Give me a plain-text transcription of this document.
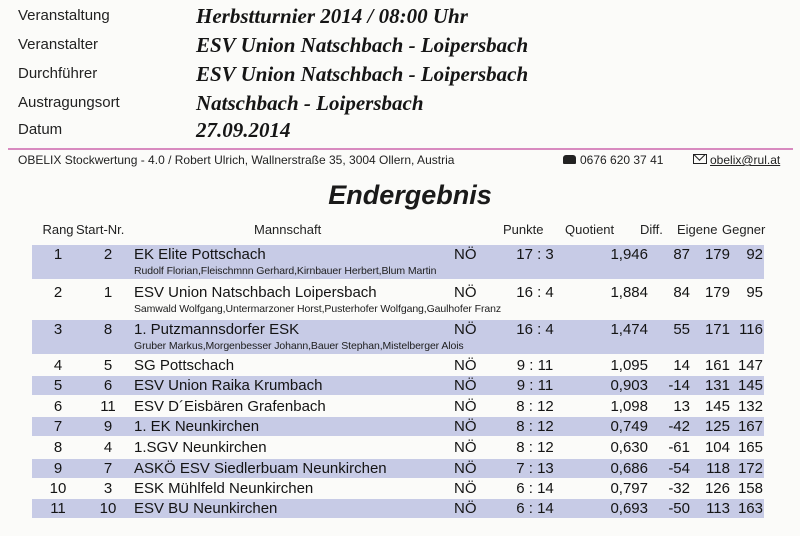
Veranstaltung	Herbstturnier 2014 / 08:00 Uhr
Veranstalter	ESV Union Natschbach - Loipersbach
Durchführer	ESV Union Natschbach - Loipersbach
Austragungsort	Natschbach - Loipersbach
Datum	27.09.2014
OBELIX Stockwertung - 4.0 / Robert Ulrich, Wallnerstraße 35, 3004 Ollern, Austria	0676 620 37 41	obelix@rul.at
Endergebnis
Rang Start-Nr.	Mannschaft	Punkte Quotient Diff. Eigene Gegner
1	2	EK Elite Pottschach	NÖ	17 : 3	1,946	87 179	92
Rudolf Florian,Fleischmnn Gerhard,Kirnbauer Herbert,Blum Martin
2	1	ESV Union Natschbach Loipersbach	NÖ	16 : 4	1,884	84 179	95
Samwald Wolfgang,Untermarzoner Horst,Pusterhofer Wolfgang,Gaulhofer Franz
3	8	1. Putzmannsdorfer ESK	NÖ	16 : 4	1,474	55 171 116
Gruber Markus,Morgenbesser Johann,Bauer Stephan,Mistelberger Alois
4	5	SG Pottschach	NÖ	9 : 11	1,095	14 161 147
5	6	ESV Union Raika Krumbach	NÖ	9 : 11	0,903	-14 131 145
6	11	ESV D´Eisbären Grafenbach	NÖ	8 : 12	1,098	13 145 132
7	9	1. EK Neunkirchen	NÖ	8 : 12	0,749	-42 125 167
8	4	1.SGV Neunkirchen	NÖ	8 : 12	0,630	-61 104 165
9	7	ASKÖ ESV Siedlerbuam Neunkirchen	NÖ	7 : 13	0,686	-54	118 172
10	3	ESK Mühlfeld Neunkirchen	NÖ	6 : 14	0,797	-32 126 158
11	10	ESV BU Neunkirchen	NÖ	6 : 14	0,693	-50	113 163
